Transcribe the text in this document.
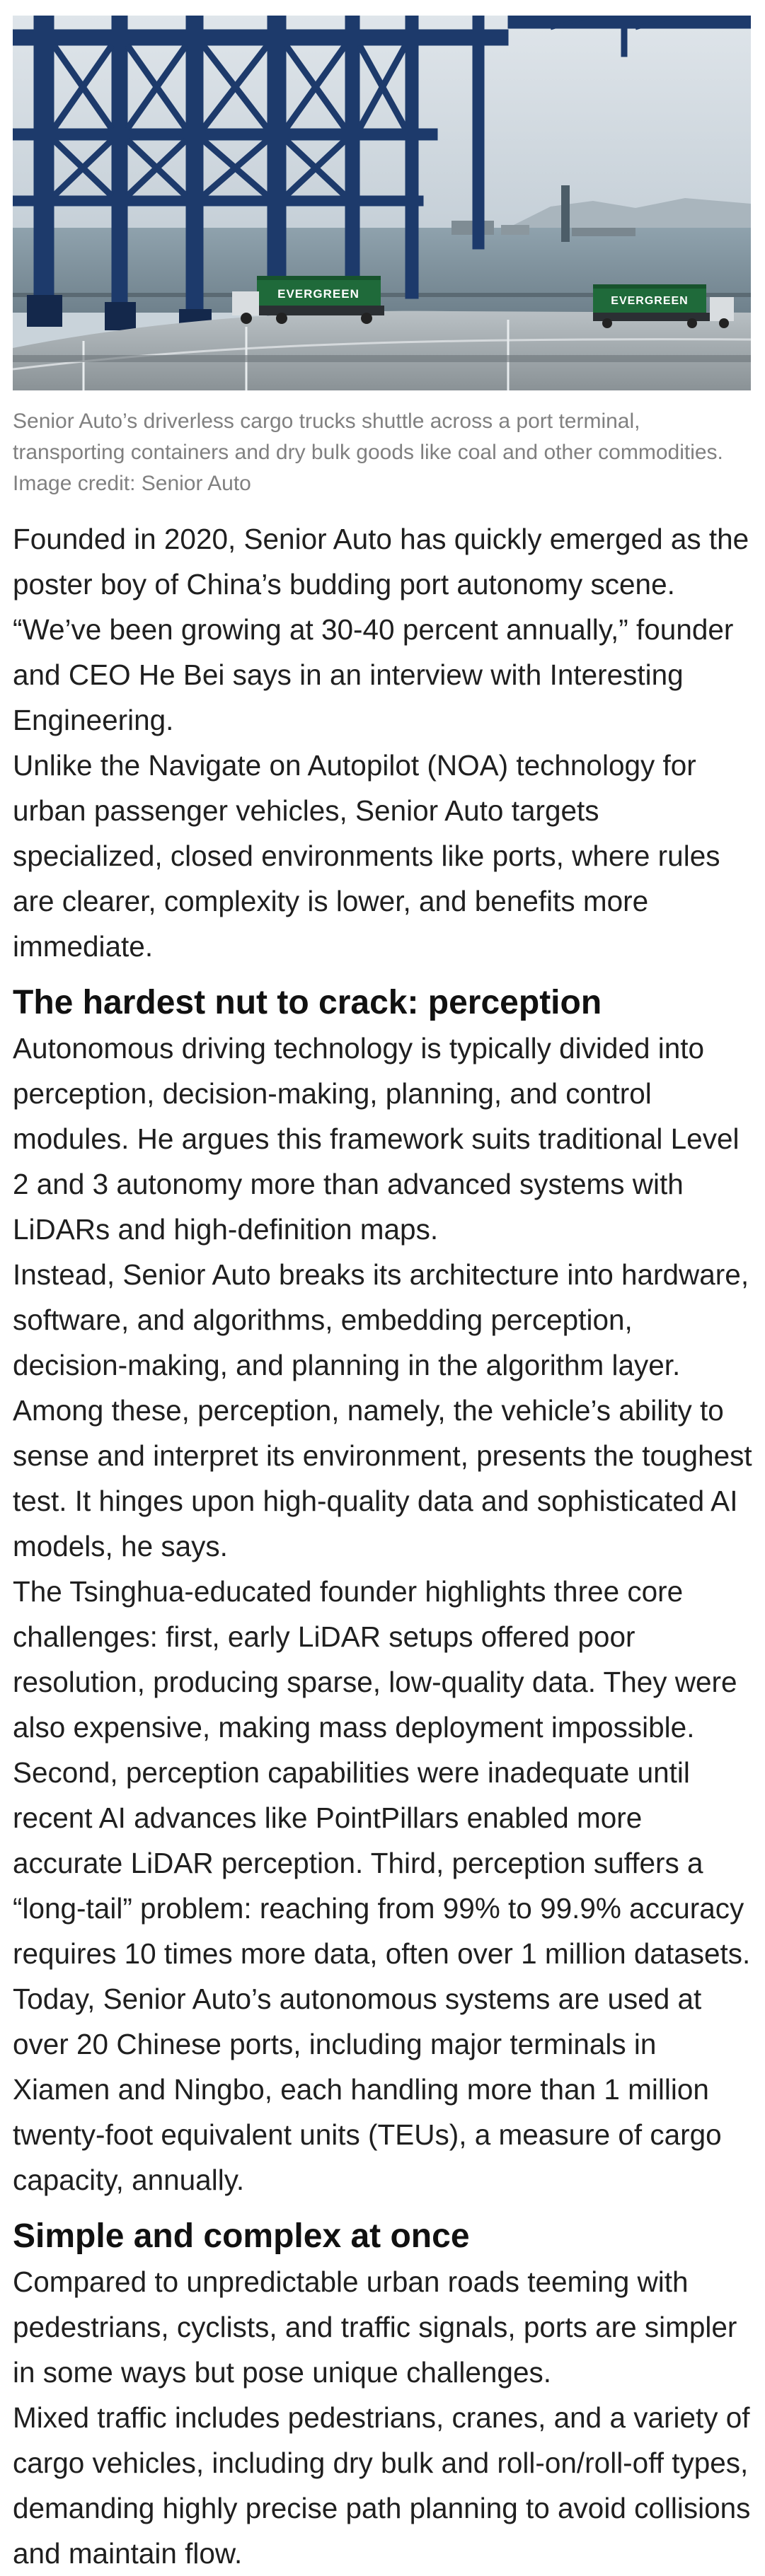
EVERGREEN
EVERGREEN

Senior Auto’s driverless cargo trucks shuttle across a port terminal, transporting containers and dry bulk goods like coal and other commodities. Image credit: Senior Auto

Founded in 2020, Senior Auto has quickly emerged as the poster boy of China’s budding port autonomy scene. “We’ve been growing at 30-40 percent annually,” founder and CEO He Bei says in an interview with Interesting Engineering.

Unlike the Navigate on Autopilot (NOA) technology for urban passenger vehicles, Senior Auto targets specialized, closed environments like ports, where rules are clearer, complexity is lower, and benefits more immediate.

The hardest nut to crack: perception

Autonomous driving technology is typically divided into perception, decision-making, planning, and control modules. He argues this framework suits traditional Level 2 and 3 autonomy more than advanced systems with LiDARs and high-definition maps.

Instead, Senior Auto breaks its architecture into hardware, software, and algorithms, embedding perception, decision-making, and planning in the algorithm layer.

Among these, perception, namely, the vehicle’s ability to sense and interpret its environment, presents the toughest test. It hinges upon high-quality data and sophisticated AI models, he says.

The Tsinghua-educated founder highlights three core challenges: first, early LiDAR setups offered poor resolution, producing sparse, low-quality data. They were also expensive, making mass deployment impossible.

Second, perception capabilities were inadequate until recent AI advances like PointPillars enabled more accurate LiDAR perception. Third, perception suffers a “long-tail” problem: reaching from 99% to 99.9% accuracy requires 10 times more data, often over 1 million datasets.

Today, Senior Auto’s autonomous systems are used at over 20 Chinese ports, including major terminals in Xiamen and Ningbo, each handling more than 1 million twenty-foot equivalent units (TEUs), a measure of cargo capacity, annually.

Simple and complex at once

Compared to unpredictable urban roads teeming with pedestrians, cyclists, and traffic signals, ports are simpler in some ways but pose unique challenges.

Mixed traffic includes pedestrians, cranes, and a variety of cargo vehicles, including dry bulk and roll-on/roll-off types, demanding highly precise path planning to avoid collisions and maintain flow.
